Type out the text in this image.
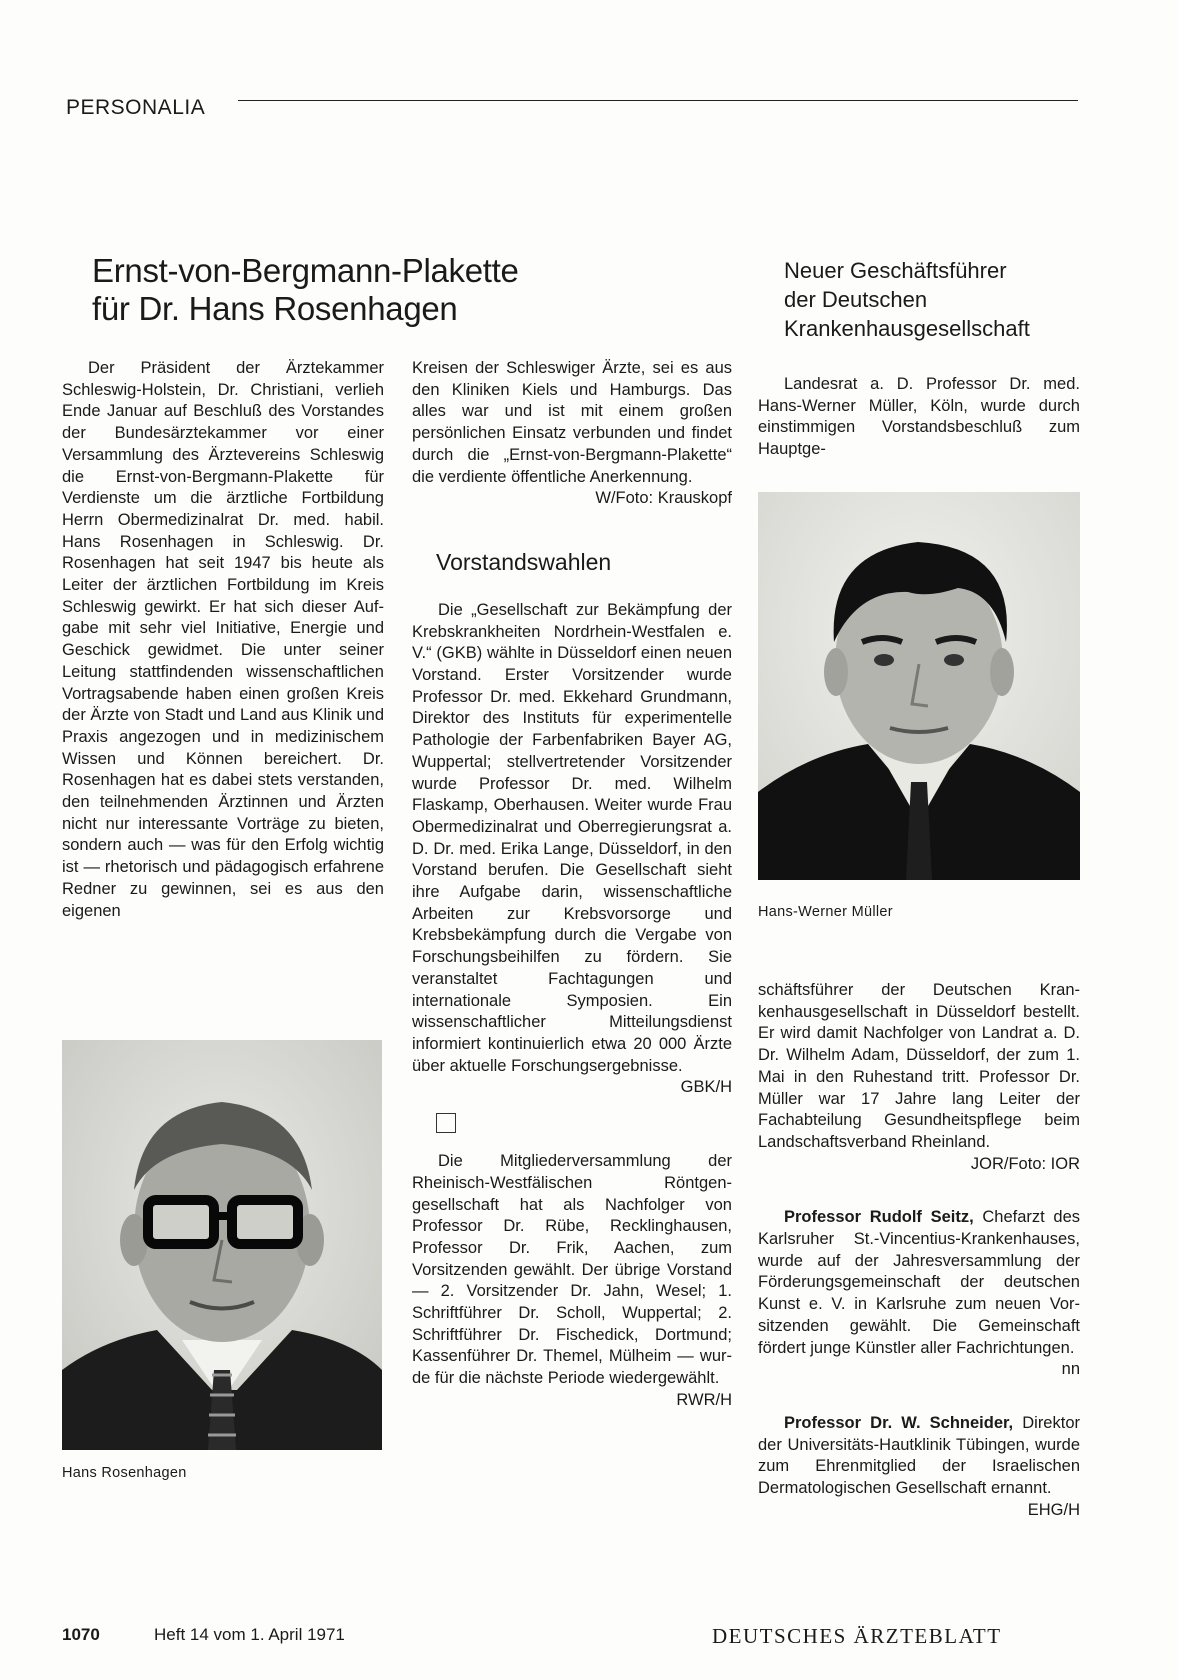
PERSONALIA
Ernst-von-Bergmann-Plakette
für Dr. Hans Rosenhagen

Der Präsident der Ärztekammer Schleswig-Holstein, Dr. Christiani, verlieh Ende Januar auf Beschluß des Vorstandes der Bundesärztekammer vor einer Versammlung des Ärztevereins Schleswig die Ernst-von-Bergmann-Plakette für Verdienste um die ärztliche Fortbildung Herrn Obermedizinalrat Dr. med. habil. Hans Rosenhagen in Schleswig. Dr. Rosenhagen hat seit 1947 bis heute als Leiter der ärztlichen Fortbildung im Kreis Schleswig gewirkt. Er hat sich dieser Aufgabe mit sehr viel Initiative, Energie und Geschick gewidmet. Die unter seiner Leitung stattfindenden wissenschaftlichen Vortragsabende haben einen großen Kreis der Ärzte von Stadt und Land aus Klinik und Praxis angezogen und in medizinischem Wissen und Können bereichert. Dr. Rosenhagen hat es dabei stets verstanden, den teilnehmenden Ärztinnen und Ärzten nicht nur interessante Vorträge zu bieten, sondern auch — was für den Erfolg wichtig ist — rhetorisch und pädagogisch erfahrene Redner zu gewinnen, sei es aus den eigenen

Hans Rosenhagen

Kreisen der Schleswiger Ärzte, sei es aus den Kliniken Kiels und Hamburgs. Das alles war und ist mit einem großen persönlichen Einsatz verbunden und findet durch die „Ernst-von-Bergmann-Plakette“ die verdiente öffentliche Anerkennung.

W/Foto: Krauskopf
Vorstandswahlen

Die „Gesellschaft zur Bekämpfung der Krebskrankheiten Nordrhein-Westfalen e. V.“ (GKB) wählte in Düsseldorf einen neuen Vorstand. Erster Vorsitzender wurde Professor Dr. med. Ekkehard Grundmann, Direktor des Instituts für experimentelle Pathologie der Farbenfabriken Bayer AG, Wuppertal; stellvertretender Vorsitzender wurde Professor Dr. med. Wilhelm Flaskamp, Oberhausen. Weiter wurde Frau Obermedizinalrat und Oberregierungsrat a. D. Dr. med. Erika Lange, Düsseldorf, in den Vorstand berufen. Die Gesellschaft sieht ihre Aufgabe darin, wissenschaftliche Arbeiten zur Krebsvorsorge und Krebsbekämpfung durch die Vergabe von Forschungsbeihilfen zu fördern. Sie veranstaltet Fachtagungen und internationale Symposien. Ein wissenschaftlicher Mitteilungsdienst informiert kontinuierlich etwa 20 000 Ärzte über aktuelle Forschungsergebnisse.

GBK/H

Die Mitgliederversammlung der Rheinisch-Westfälischen Röntgengesellschaft hat als Nachfolger von Professor Dr. Rübe, Recklinghausen, Professor Dr. Frik, Aachen, zum Vorsitzenden gewählt. Der übrige Vorstand — 2. Vorsitzender Dr. Jahn, Wesel; 1. Schriftführer Dr. Scholl, Wuppertal; 2. Schriftführer Dr. Fischedick, Dortmund; Kassenführer Dr. Themel, Mülheim — wurde für die nächste Periode wiedergewählt.

RWR/H
Neuer Geschäftsführer
der Deutschen
Krankenhausgesellschaft

Landesrat a. D. Professor Dr. med. Hans-Werner Müller, Köln, wurde durch einstimmigen Vorstandsbeschluß zum Hauptge-

Hans-Werner Müller

schäftsführer der Deutschen Krankenhausgesellschaft in Düsseldorf bestellt. Er wird damit Nachfolger von Landrat a. D. Dr. Wilhelm Adam, Düsseldorf, der zum 1. Mai in den Ruhestand tritt. Professor Dr. Müller war 17 Jahre lang Leiter der Fachabteilung Gesundheitspflege beim Landschaftsverband Rheinland.

JOR/Foto: IOR

Professor Rudolf Seitz, Chefarzt des Karlsruher St.-Vincentius-Krankenhauses, wurde auf der Jahresversammlung der Förderungsgemeinschaft der deutschen Kunst e. V. in Karlsruhe zum neuen Vorsitzenden gewählt. Die Gemeinschaft fördert junge Künstler aller Fachrichtungen.

nn

Professor Dr. W. Schneider, Direktor der Universitäts-Hautklinik Tübingen, wurde zum Ehrenmitglied der Israelischen Dermatologischen Gesellschaft ernannt.

EHG/H
1070	Heft 14 vom 1. April 1971	DEUTSCHES ÄRZTEBLATT
